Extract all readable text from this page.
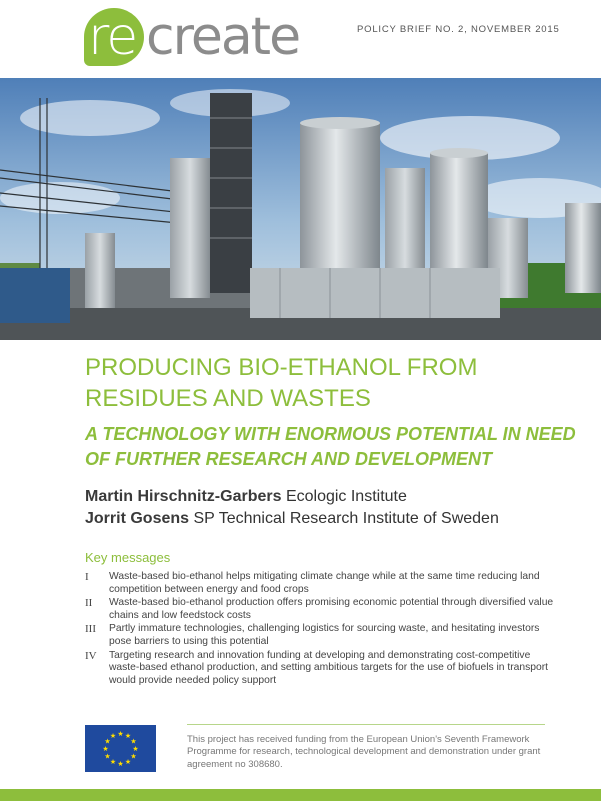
re create	POLICY BRIEF NO. 2, NOVEMBER 2015
PRODUCING BIO-ETHANOL FROM RESIDUES AND WASTES
A TECHNOLOGY WITH ENORMOUS POTENTIAL IN NEED OF FURTHER RESEARCH AND DEVELOPMENT
Martin Hirschnitz-Garbers Ecologic Institute
Jorrit Gosens SP Technical Research Institute of Sweden
Key messages
I Waste-based bio-ethanol helps mitigating climate change while at the same time reducing land competition between energy and food crops
II Waste-based bio-ethanol production offers promising economic potential through diversified value chains and low feedstock costs
III Partly immature technologies, challenging logistics for sourcing waste, and hesitating investors pose barriers to using this potential
IV Targeting research and innovation funding at developing and demonstrating cost-competitive waste-based ethanol production, and setting ambitious targets for the use of biofuels in transport would provide needed policy support
★ ★
★
★
★
★
★
★
★
★
★
★	This project has received funding from the European Union's Seventh Framework Programme for research, technological development and demonstration under grant agreement no 308680.
